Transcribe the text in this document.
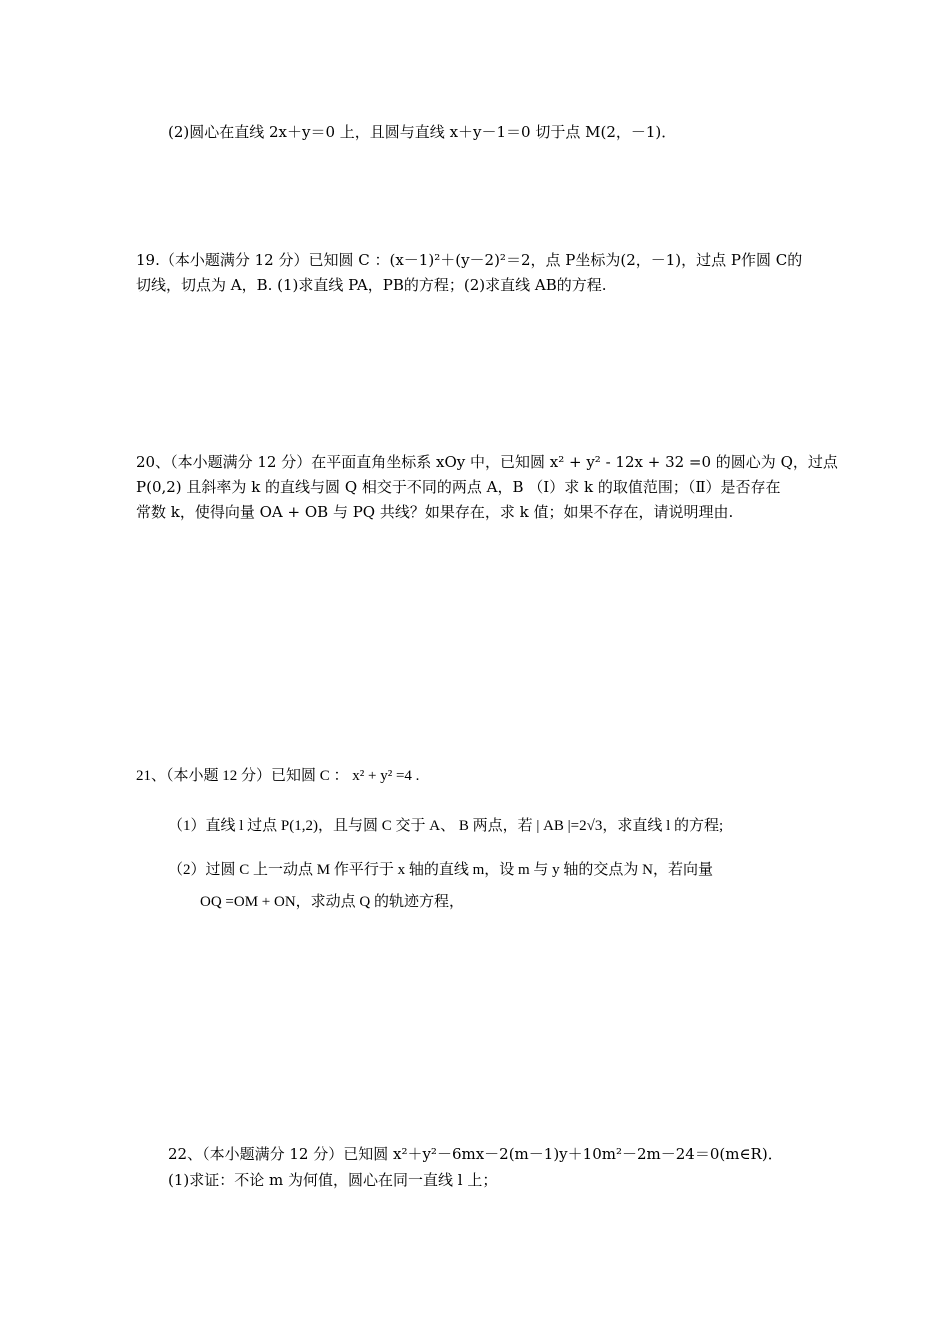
(2)圆心在直线 2x＋y＝0 上，且圆与直线 x＋y－1＝0 切于点 M(2，－1)．
19.（本小题满分 12 分）已知圆 C ：(x－1)²＋(y－2)²＝2，点 P坐标为(2，－1)，过点 P作圆 C的
切线，切点为 A，B. (1)求直线 PA，PB的方程；(2)求直线 AB的方程.
20、（本小题满分 12 分）在平面直角坐标系 xOy 中，已知圆 x² + y² - 12x + 32 =0 的圆心为 Q，过点
P(0,2) 且斜率为 k 的直线与圆 Q 相交于不同的两点 A，B （Ⅰ）求 k 的取值范围；（Ⅱ）是否存在
常数 k，使得向量 OA + OB 与 PQ 共线？如果存在，求 k 值；如果不存在，请说明理由.
21、（本小题 12 分）已知圆 C ： x² + y² =4 .
（1）直线 l 过点 P(1,2)，且与圆 C 交于 A、 B 两点，若 | AB |=2√3，求直线 l 的方程;
（2）过圆 C 上一动点 M 作平行于 x 轴的直线 m，设 m 与 y 轴的交点为 N，若向量
OQ =OM + ON，求动点 Q 的轨迹方程，
22、（本小题满分 12 分）已知圆 x²＋y²－6mx－2(m－1)y＋10m²－2m－24＝0(m∈R)．
(1)求证：不论 m 为何值，圆心在同一直线 l 上；
